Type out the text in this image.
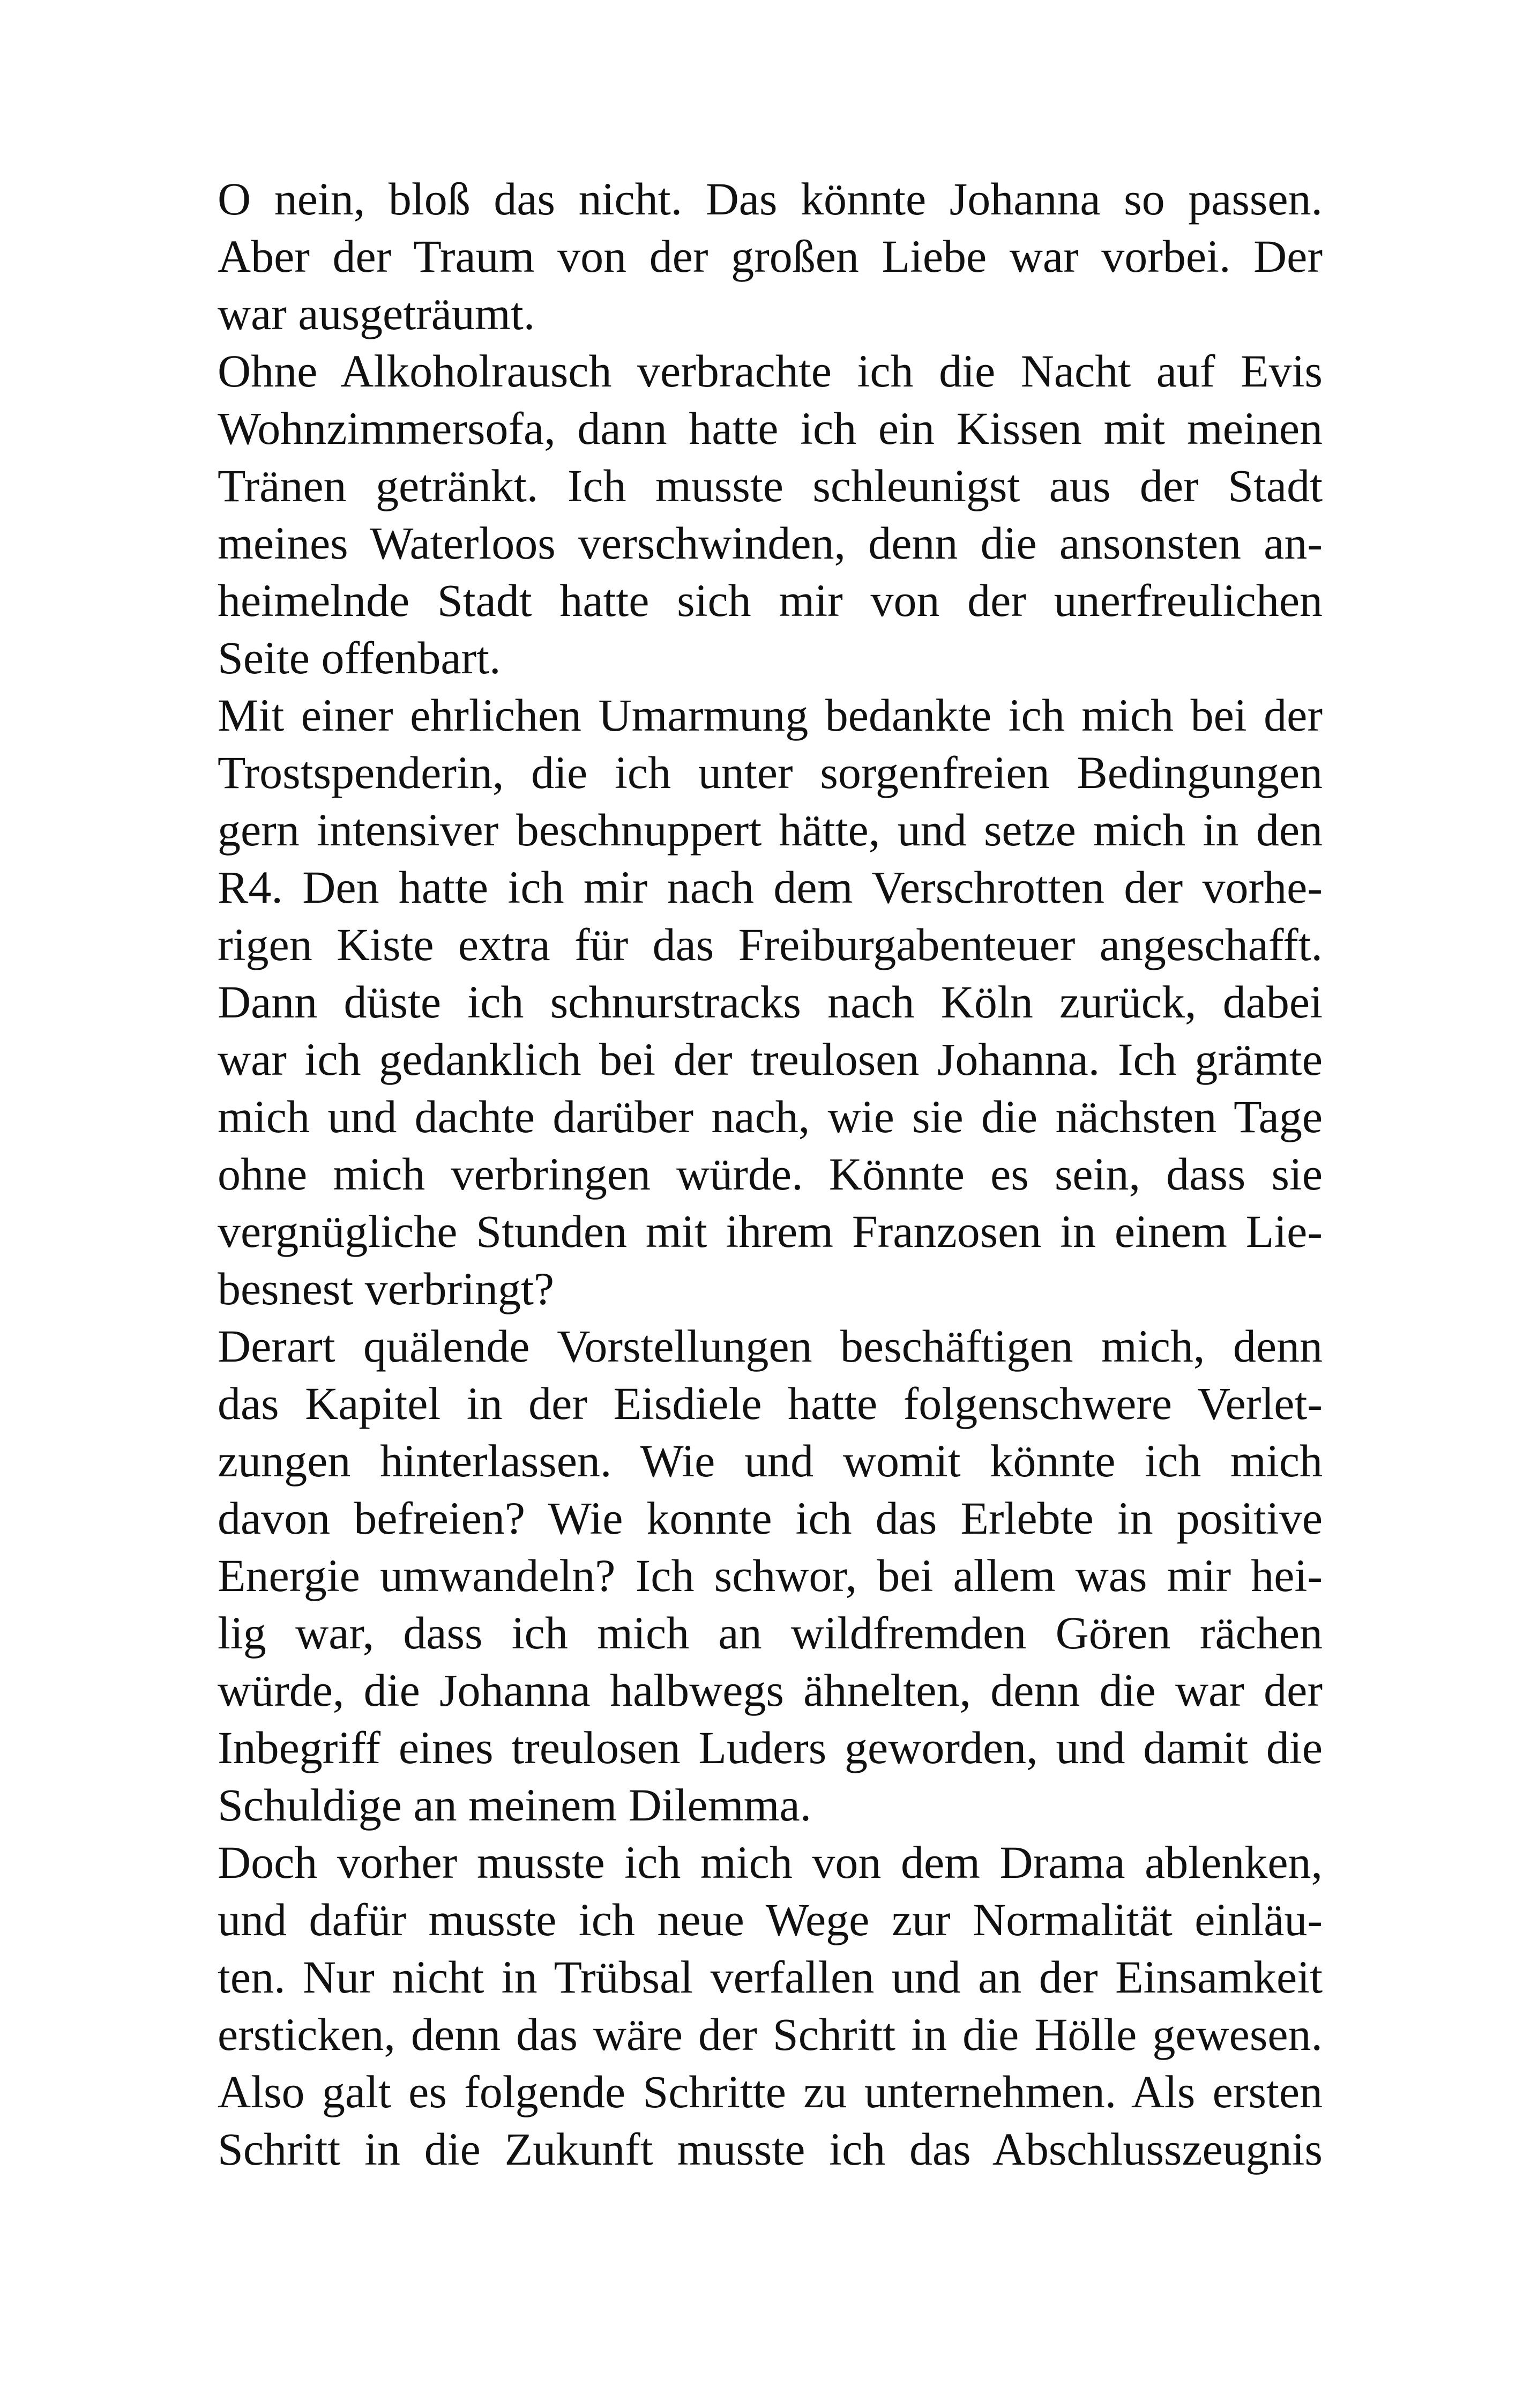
O nein, bloß das nicht. Das könnte Johanna so passen.
Aber der Traum von der großen Liebe war vorbei. Der
war ausgeträumt.
Ohne Alkoholrausch verbrachte ich die Nacht auf Evis
Wohnzimmersofa, dann hatte ich ein Kissen mit meinen
Tränen getränkt. Ich musste schleunigst aus der Stadt
meines Waterloos verschwinden, denn die ansonsten an-
heimelnde Stadt hatte sich mir von der unerfreulichen
Seite offenbart.
Mit einer ehrlichen Umarmung bedankte ich mich bei der
Trostspenderin, die ich unter sorgenfreien Bedingungen
gern intensiver beschnuppert hätte, und setze mich in den
R4. Den hatte ich mir nach dem Verschrotten der vorhe-
rigen Kiste extra für das Freiburgabenteuer angeschafft.
Dann düste ich schnurstracks nach Köln zurück, dabei
war ich gedanklich bei der treulosen Johanna. Ich grämte
mich und dachte darüber nach, wie sie die nächsten Tage
ohne mich verbringen würde. Könnte es sein, dass sie
vergnügliche Stunden mit ihrem Franzosen in einem Lie-
besnest verbringt?
Derart quälende Vorstellungen beschäftigen mich, denn
das Kapitel in der Eisdiele hatte folgenschwere Verlet-
zungen hinterlassen. Wie und womit könnte ich mich
davon befreien? Wie konnte ich das Erlebte in positive
Energie umwandeln? Ich schwor, bei allem was mir hei-
lig war, dass ich mich an wildfremden Gören rächen
würde, die Johanna halbwegs ähnelten, denn die war der
Inbegriff eines treulosen Luders geworden, und damit die
Schuldige an meinem Dilemma.
Doch vorher musste ich mich von dem Drama ablenken,
und dafür musste ich neue Wege zur Normalität einläu-
ten. Nur nicht in Trübsal verfallen und an der Einsamkeit
ersticken, denn das wäre der Schritt in die Hölle gewesen.
Also galt es folgende Schritte zu unternehmen. Als ersten
Schritt in die Zukunft musste ich das Abschlusszeugnis
